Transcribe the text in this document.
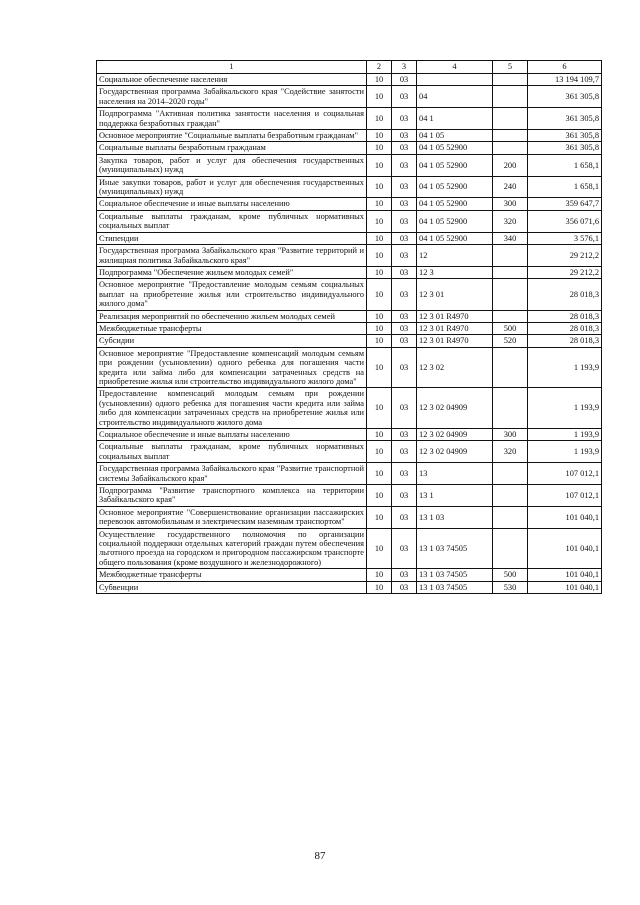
1	2	3	4	5	6
Социальное обеспечение населения	10	03			13 194 109,7
Государственная программа Забайкальского края "Содействие занятости населения на 2014–2020 годы"	10	03	04		361 305,8
Подпрограмма "Активная политика занятости населения и социальная поддержка безработных граждан"	10	03	04 1		361 305,8
Основное мероприятие "Социальные выплаты безработным гражданам"	10	03	04 1 05		361 305,8
Социальные выплаты безработным гражданам	10	03	04 1 05 52900		361 305,8
Закупка товаров, работ и услуг для обеспечения государственных (муниципальных) нужд	10	03	04 1 05 52900	200	1 658,1
Иные закупки товаров, работ и услуг для обеспечения государственных (муниципальных) нужд	10	03	04 1 05 52900	240	1 658,1
Социальное обеспечение и иные выплаты населению	10	03	04 1 05 52900	300	359 647,7
Социальные выплаты гражданам, кроме публичных нормативных социальных выплат	10	03	04 1 05 52900	320	356 071,6
Стипендии	10	03	04 1 05 52900	340	3 576,1
Государственная программа Забайкальского края "Развитие территорий и жилищная политика Забайкальского края"	10	03	12		29 212,2
Подпрограмма "Обеспечение жильем молодых семей"	10	03	12 3		29 212,2
Основное мероприятие "Предоставление молодым семьям социальных выплат на приобретение жилья или строительство индивидуального жилого дома"	10	03	12 3 01		28 018,3
Реализация мероприятий по обеспечению жильем молодых семей	10	03	12 3 01 R4970		28 018,3
Межбюджетные трансферты	10	03	12 3 01 R4970	500	28 018,3
Субсидии	10	03	12 3 01 R4970	520	28 018,3
Основное мероприятие "Предоставление компенсаций молодым семьям при рождении (усыновлении) одного ребенка для погашения части кредита или займа либо для компенсации затраченных средств на приобретение жилья или строительство индивидуального жилого дома"	10	03	12 3 02		1 193,9
Предоставление компенсаций молодым семьям при рождении (усыновлении) одного ребенка для погашения части кредита или займа либо для компенсации затраченных средств на приобретение жилья или строительство индивидуального жилого дома	10	03	12 3 02 04909		1 193,9
Социальное обеспечение и иные выплаты населению	10	03	12 3 02 04909	300	1 193,9
Социальные выплаты гражданам, кроме публичных нормативных социальных выплат	10	03	12 3 02 04909	320	1 193,9
Государственная программа Забайкальского края "Развитие транспортной системы Забайкальского края"	10	03	13		107 012,1
Подпрограмма "Развитие транспортного комплекса на территории Забайкальского края"	10	03	13 1		107 012,1
Основное мероприятие "Совершенствование организации пассажирских перевозок автомобильным и электрическим наземным транспортом"	10	03	13 1 03		101 040,1
Осуществление государственного полномочия по организации социальной поддержки отдельных категорий граждан путем обеспечения льготного проезда на городском и пригородном пассажирском транспорте общего пользования (кроме воздушного и железнодорожного)	10	03	13 1 03 74505		101 040,1
Межбюджетные трансферты	10	03	13 1 03 74505	500	101 040,1
Субвенции	10	03	13 1 03 74505	530	101 040,1
87
